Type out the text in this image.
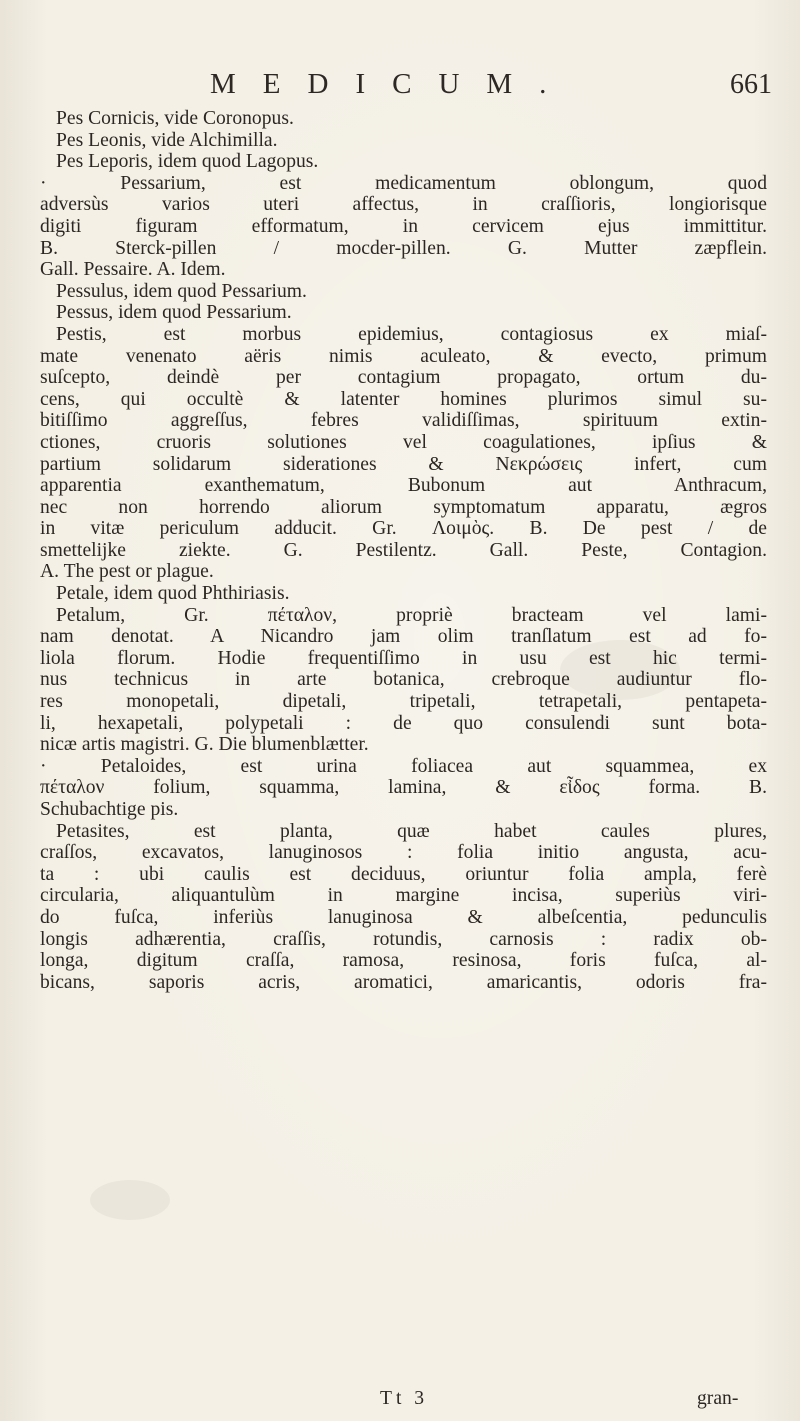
MEDICUM.	661
Pes Cornicis, vide Coronopus.
Pes Leonis, vide Alchimilla.
Pes Leporis, idem quod Lagopus.
· Pessarium, est medicamentum oblongum, quod
adversùs varios uteri affectus, in craſſioris, longiorisque
digiti figuram efformatum, in cervicem ejus immittitur.
B. Sterck-pillen / mocder-pillen. G. Mutter zæpflein.
Gall. Pessaire. A. Idem.
Pessulus, idem quod Pessarium.
Pessus, idem quod Pessarium.
Pestis, est morbus epidemius, contagiosus ex miaſ-
mate venenato aëris nimis aculeato, & evecto, primum
suſcepto, deindè per contagium propagato, ortum du-
cens, qui occultè & latenter homines plurimos simul su-
bitiſſimo aggreſſus, febres validiſſimas, spirituum extin-
ctiones, cruoris solutiones vel coagulationes, ipſius &
partium solidarum siderationes & Νεκρώσεις infert, cum
apparentia exanthematum, Bubonum aut Anthracum,
nec non horrendo aliorum symptomatum apparatu, ægros
in vitæ periculum adducit. Gr. Λοιμὸς. B. De pest / de
smettelijke ziekte. G. Pestilentz. Gall. Peste, Contagion.
A. The pest or plague.
Petale, idem quod Phthiriasis.
Petalum, Gr. πέταλον, propriè bracteam vel lami-
nam denotat. A Nicandro jam olim tranſlatum est ad fo-
liola florum. Hodie frequentiſſimo in usu est hic termi-
nus technicus in arte botanica, crebroque audiuntur flo-
res monopetali, dipetali, tripetali, tetrapetali, pentapeta-
li, hexapetali, polypetali : de quo consulendi sunt bota-
nicæ artis magistri. G. Die blumenblætter.
· Petaloides, est urina foliacea aut squammea, ex
πέταλον folium, squamma, lamina, & εἶδος forma. B.
Schubachtige pis.
Petasites, est planta, quæ habet caules plures,
craſſos, excavatos, lanuginosos : folia initio angusta, acu-
ta : ubi caulis est deciduus, oriuntur folia ampla, ferè
circularia, aliquantulùm in margine incisa, superiùs viri-
do fuſca, inferiùs lanuginosa & albeſcentia, pedunculis
longis adhærentia, craſſis, rotundis, carnosis : radix ob-
longa, digitum craſſa, ramosa, resinosa, foris fuſca, al-
bicans, saporis acris, aromatici, amaricantis, odoris fra-
Tt 3	gran-
